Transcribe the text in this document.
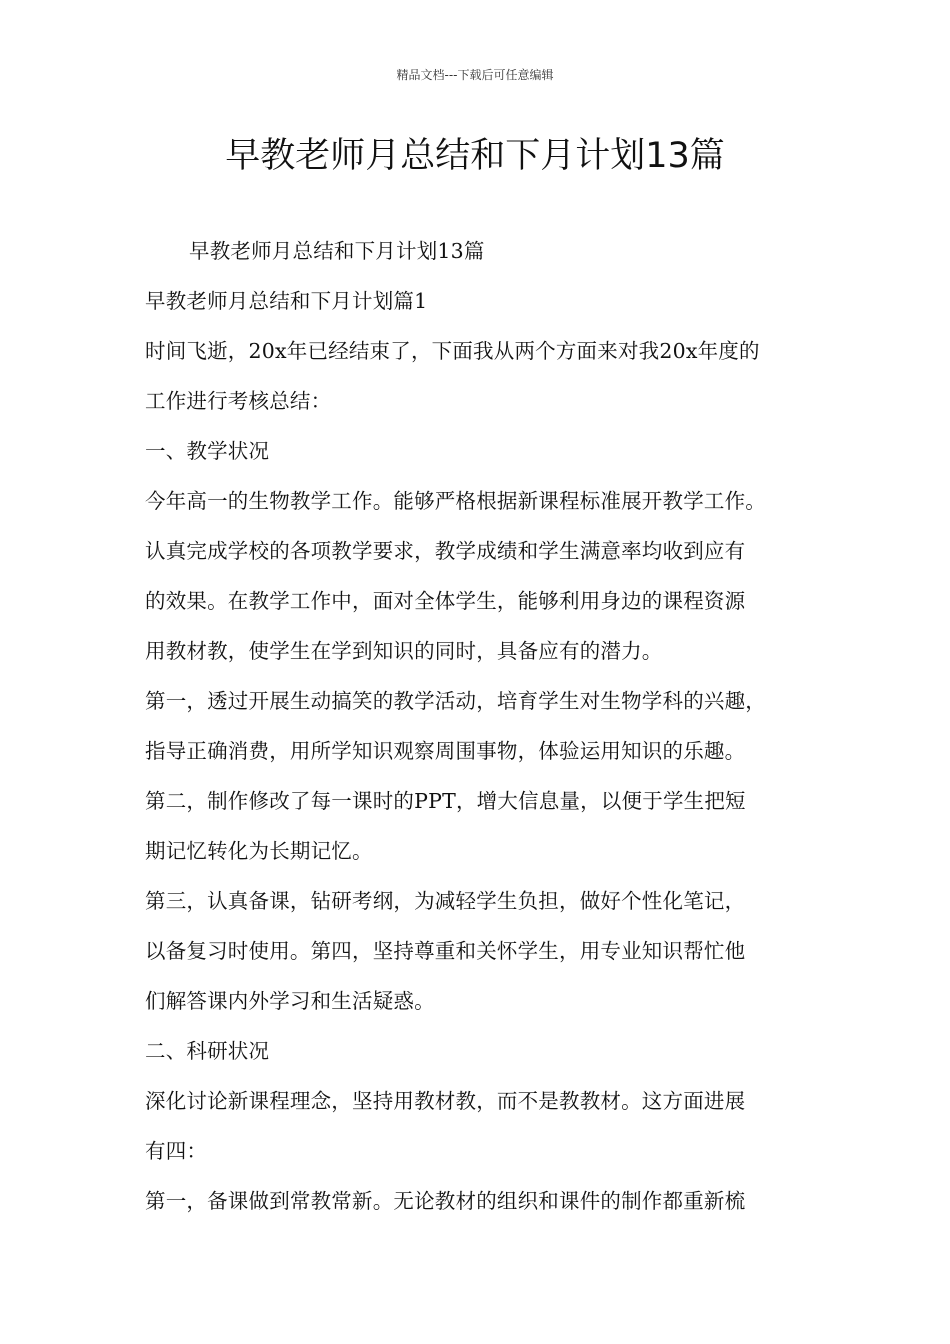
精品文档---下载后可任意编辑
早教老师月总结和下月计划13篇
早教老师月总结和下月计划13篇
早教老师月总结和下月计划篇1
时间飞逝，20x年已经结束了，下面我从两个方面来对我20x年度的
工作进行考核总结：
一、教学状况
今年高一的生物教学工作。能够严格根据新课程标准展开教学工作。
认真完成学校的各项教学要求，教学成绩和学生满意率均收到应有
的效果。在教学工作中，面对全体学生，能够利用身边的课程资源
用教材教，使学生在学到知识的同时，具备应有的潜力。
第一，透过开展生动搞笑的教学活动，培育学生对生物学科的兴趣，
指导正确消费，用所学知识观察周围事物，体验运用知识的乐趣。
第二，制作修改了每一课时的PPT，增大信息量，以便于学生把短
期记忆转化为长期记忆。
第三，认真备课，钻研考纲，为减轻学生负担，做好个性化笔记，
以备复习时使用。第四，坚持尊重和关怀学生，用专业知识帮忙他
们解答课内外学习和生活疑惑。
二、科研状况
深化讨论新课程理念，坚持用教材教，而不是教教材。这方面进展
有四：
第一，备课做到常教常新。无论教材的组织和课件的制作都重新梳
